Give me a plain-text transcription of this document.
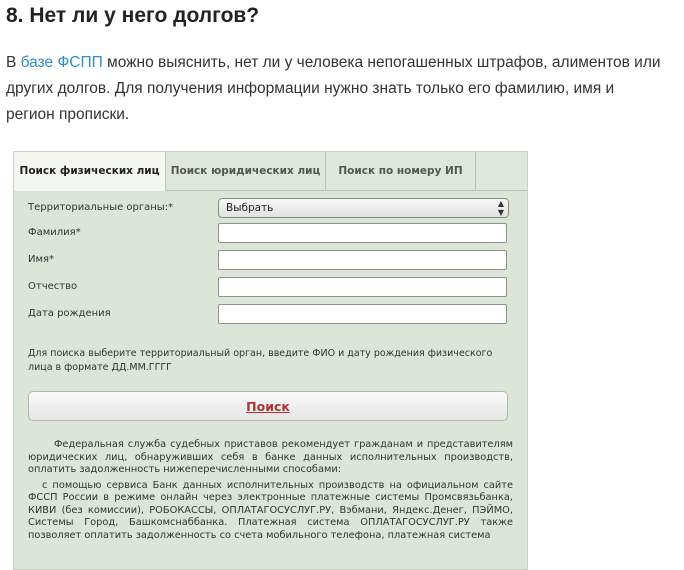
8. Нет ли у него долгов?
В базе ФСПП можно выяснить, нет ли у человека непогашенных штрафов, алиментов или других долгов. Для получения информации нужно знать только его фамилию, имя и регион прописки.
Поиск физических лиц	Поиск юридических лиц	Поиск по номеру ИП
Территориальные органы:*	Выбрать	▲
▼
Фамилия*
Имя*
Отчество
Дата рождения
Для поиска выберите территориальный орган, введите ФИО и дату рождения физического лица в формате ДД.ММ.ГГГГ
Поиск

Федеральная служба судебных приставов рекомендует гражданам и представителям юридических лиц, обнаруживших себя в банке данных исполнительных производств, оплатить задолженность нижеперечисленными способами:

с помощью сервиса Банк данных исполнительных производств на официальном сайте ФССП России в режиме онлайн через электронные платежные системы Промсвязьбанка, КИВИ (без комиссии), РОБОКАССЫ, ОПЛАТАГОСУСЛУГ.РУ, Вэбмани, Яндекс.Денег, ПЭЙМО, Системы Город, Башкомснаббанка. Платежная система ОПЛАТАГОСУСЛУГ.РУ также позволяет оплатить задолженность со счета мобильного телефона, платежная система
